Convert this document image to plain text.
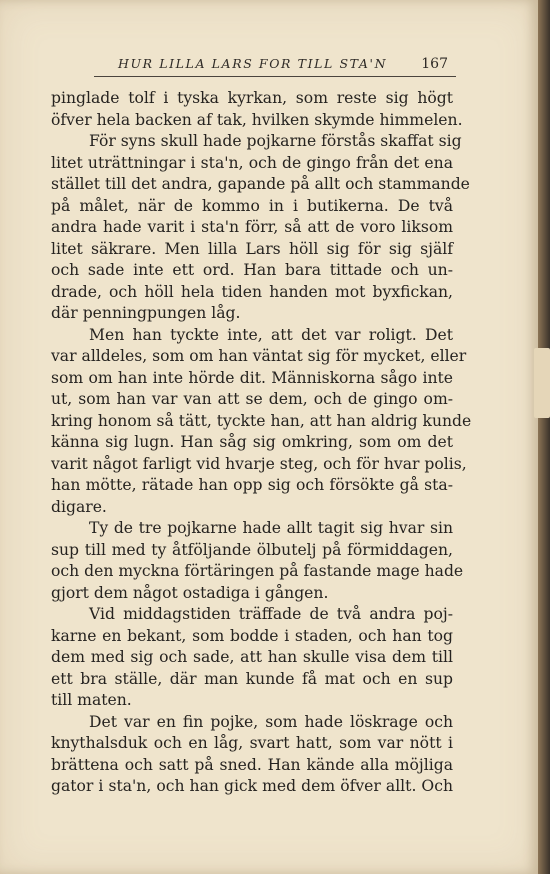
HUR LILLA LARS FOR TILL STA'N 167
pinglade tolf i tyska kyrkan, som reste sig högt
öfver hela backen af tak, hvilken skymde himmelen.
För syns skull hade pojkarne förstås skaffat sig
litet uträttningar i sta'n, och de gingo från det ena
stället till det andra, gapande på allt och stammande
på målet, när de kommo in i butikerna. De två
andra hade varit i sta'n förr, så att de voro liksom
litet säkrare. Men lilla Lars höll sig för sig själf
och sade inte ett ord. Han bara tittade och un-
drade, och höll hela tiden handen mot byxfickan,
där penningpungen låg.
Men han tyckte inte, att det var roligt. Det
var alldeles, som om han väntat sig för mycket, eller
som om han inte hörde dit. Människorna sågo inte
ut, som han var van att se dem, och de gingo om-
kring honom så tätt, tyckte han, att han aldrig kunde
känna sig lugn. Han såg sig omkring, som om det
varit något farligt vid hvarje steg, och för hvar polis,
han mötte, rätade han opp sig och försökte gå sta-
digare.
Ty de tre pojkarne hade allt tagit sig hvar sin
sup till med ty åtföljande ölbutelj på förmiddagen,
och den myckna förtäringen på fastande mage hade
gjort dem något ostadiga i gången.
Vid middagstiden träffade de två andra poj-
karne en bekant, som bodde i staden, och han tog
dem med sig och sade, att han skulle visa dem till
ett bra ställe, där man kunde få mat och en sup
till maten.
Det var en fin pojke, som hade löskrage och
knythalsduk och en låg, svart hatt, som var nött i
brättena och satt på sned. Han kände alla möjliga
gator i sta'n, och han gick med dem öfver allt. Och
